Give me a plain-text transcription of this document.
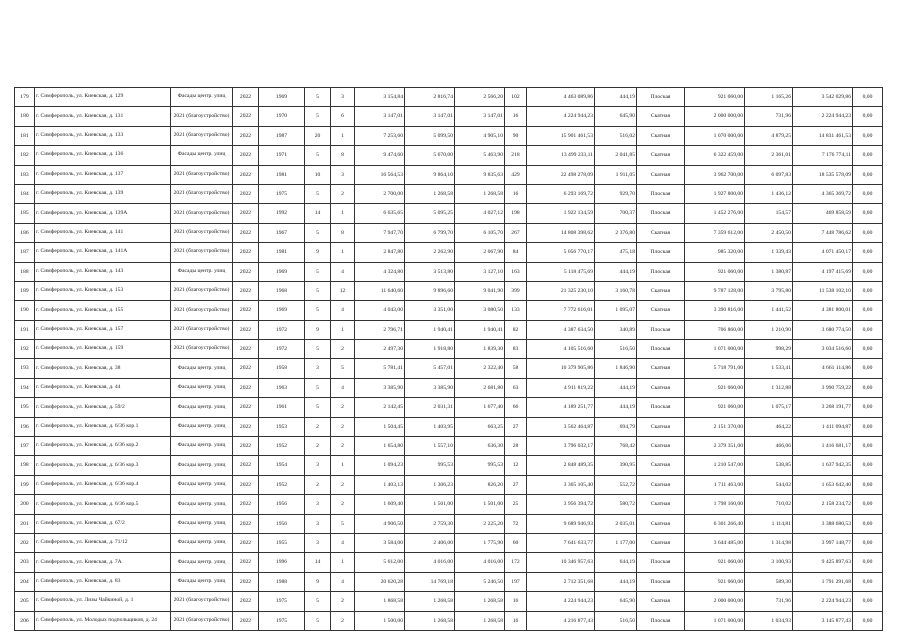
179	г. Симферополь, ул. Киевская, д. 129	Фасады центр. улиц	2022	1969	5	3	3 154,84	2 816,74	2 566,20	102	4 463 089,86	444,19	Плоская	921 060,00	1 165,26	3 542 029,86	0,00
180	г. Симферополь, ул. Киевская, д. 131	2021 (благоустройство)	2022	1970	5	6	3 147,01	3 147,01	3 147,01	16	4 224 944,23	645,90	Скатная	2 000 000,00	731,96	2 224 944,23	0,00
181	г. Симферополь, ул. Киевская, д. 133	2021 (благоустройство)	2022	1987	20	1	7 253,60	5 099,50	4 905,10	90	15 901 461,53	516,02	Скатная	1 070 000,00	4 879,25	14 831 461,53	0,00
182	г. Симферополь, ул. Киевская, д. 136	Фасады центр. улиц	2022	1971	5	8	9 474,60	5 670,00	5 463,90	218	13 499 233,11	2 041,85	Скатная	6 322 459,00	2 361,01	7 176 774,11	0,00
183	г. Симферополь, ул. Киевская, д. 137	2021 (благоустройство)	2022	1981	10	3	16 564,53	9 864,10	9 835,63	429	22 498 278,09	1 911,05	Скатная	3 962 700,00	6 097,83	18 535 578,09	0,00
184	г. Симферополь, ул. Киевская, д. 139	2021 (благоустройство)	2022	1975	5	2	2 700,00	1 268,58	1 268,58	16	6 293 169,72	929,70	Плоская	1 927 800,00	1 436,12	4 365 369,72	0,00
185	г. Симферополь, ул. Киевская, д. 139А	2021 (благоустройство)	2022	1992	14	1	6 635,65	5 095,25	4 027,12	198	1 922 134,59	700,37	Плоская	1 452 276,00	154,57	469 858,59	0,00
186	г. Симферополь, ул. Киевская, д. 141	2021 (благоустройство)	2022	1967	5	8	7 947,70	6 799,70	6 105,70	267	14 808 398,62	2 376,80	Скатная	7 359 612,00	2 450,50	7 448 786,62	0,00
187	г. Симферополь, ул. Киевская, д. 141А	2021 (благоустройство)	2022	1981	9	1	2 847,80	2 262,90	2 067,90	84	5 056 770,17	475,18	Плоская	985 320,00	1 339,43	4 071 450,17	0,00
188	г. Симферополь, ул. Киевская, д. 143	Фасады центр. улиц	2022	1969	5	4	4 324,80	3 513,80	3 127,10	163	5 118 475,69	444,19	Плоская	921 060,00	1 380,87	4 197 415,69	0,00
189	г. Симферополь, ул. Киевская, д. 153	2021 (благоустройство)	2022	1968	5	12	11 640,60	9 896,60	9 041,90	399	21 325 230,10	3 160,78	Скатная	9 787 128,00	3 795,80	11 538 102,10	0,00
190	г. Симферополь, ул. Киевская, д. 155	2021 (благоустройство)	2022	1969	5	4	4 043,00	3 351,00	3 080,50	133	7 772 616,01	1 095,07	Скатная	3 390 816,00	1 441,52	4 381 800,01	0,00
191	г. Симферополь, ул. Киевская, д. 157	2021 (благоустройство)	2022	1972	9	1	2 796,71	1 940,41	1 940,41	82	4 387 634,50	340,89	Плоская	706 860,00	1 210,90	3 680 774,50	0,00
192	г. Симферополь, ул. Киевская, д. 159	2021 (благоустройство)	2022	1972	5	2	2 497,30	1 918,80	1 839,30	83	4 105 516,60	516,50	Плоская	1 071 000,00	998,29	3 034 516,60	0,00
193	г. Симферополь, ул. Киевская, д. 38	Фасады центр. улиц	2022	1958	3	5	5 781,41	5 457,01	2 322,40	58	10 379 905,86	1 846,90	Скатная	5 718 791,00	1 533,41	4 661 114,86	0,00
194	г. Симферополь, ул. Киевская, д. 44	Фасады центр. улиц	2022	1963	5	4	3 385,90	3 385,90	2 681,80	63	4 911 819,22	444,19	Скатная	921 060,00	1 312,88	3 990 759,22	0,00
195	г. Симферополь, ул. Киевская, д. 59/2	Фасады центр. улиц	2022	1961	5	2	2 142,45	2 031,31	1 677,40	66	4 189 251,77	444,19	Плоская	921 060,00	1 075,17	3 268 191,77	0,00
196	г. Симферополь, ул. Киевская, д. 6/36 кор.1	Фасады центр. улиц	2022	1953	2	2	1 504,45	1 403,95	663,25	27	3 562 464,87	694,79	Скатная	2 151 370,00	464,22	1 411 094,87	0,00
197	г. Симферополь, ул. Киевская, д. 6/36 кор.2	Фасады центр. улиц	2022	1952	2	2	1 654,80	1 557,10	636,30	28	3 796 032,17	768,42	Скатная	2 379 351,00	466,06	1 416 681,17	0,00
198	г. Симферополь, ул. Киевская, д. 6/36 кор.3	Фасады центр. улиц	2022	1954	3	1	1 094,23	995,53	995,53	12	2 848 489,35	390,95	Скатная	1 210 547,00	538,85	1 637 942,35	0,00
199	г. Симферополь, ул. Киевская, д. 6/36 кор.4	Фасады центр. улиц	2022	1952	2	2	1 403,13	1 306,23	826,20	27	3 365 105,40	552,72	Скатная	1 711 463,00	544,02	1 653 642,40	0,00
200	г. Симферополь, ул. Киевская, д. 6/36 кор.5	Фасады центр. улиц	2022	1956	3	2	1 609,40	1 501,00	1 501,00	25	3 956 394,72	580,72	Скатная	1 798 160,00	710,02	2 158 234,72	0,00
201	г. Симферополь, ул. Киевская, д. 67/2	Фасады центр. улиц	2022	1956	3	5	4 906,50	2 759,30	2 225,20	72	9 689 946,93	2 035,01	Скатная	6 301 266,40	1 114,81	3 388 680,53	0,00
202	г. Симферополь, ул. Киевская, д. 71/12	Фасады центр. улиц	2022	1955	3	4	3 584,00	2 406,00	1 775,90	60	7 641 633,77	1 177,00	Скатная	3 644 485,00	1 314,98	3 997 148,77	0,00
203	г. Симферополь, ул. Киевская, д. 7А	Фасады центр. улиц	2022	1996	14	1	5 612,00	4 016,00	4 016,00	172	10 346 957,63	644,19	Плоская	921 060,00	3 100,93	9 425 897,63	0,00
204	г. Симферополь, ул. Киевская, д. 83	Фасады центр. улиц	2022	1988	9	4	20 620,28	14 769,18	5 246,50	197	2 712 351,68	444,19	Плоская	921 060,00	589,30	1 791 291,68	0,00
205	г. Симферополь, ул. Лизы Чайкиной, д. 1	2021 (благоустройство)	2022	1975	5	2	1 868,58	1 268,58	1 268,58	16	4 224 944,23	645,90	Скатная	2 000 000,00	731,96	2 224 944,23	0,00
206	г. Симферополь, ул. Молодых подпольщиков, д. 24	2021 (благоустройство)	2022	1975	5	2	1 500,00	1 268,58	1 268,58	16	4 216 877,43	516,50	Плоская	1 071 000,00	1 034,93	3 145 877,43	0,00
